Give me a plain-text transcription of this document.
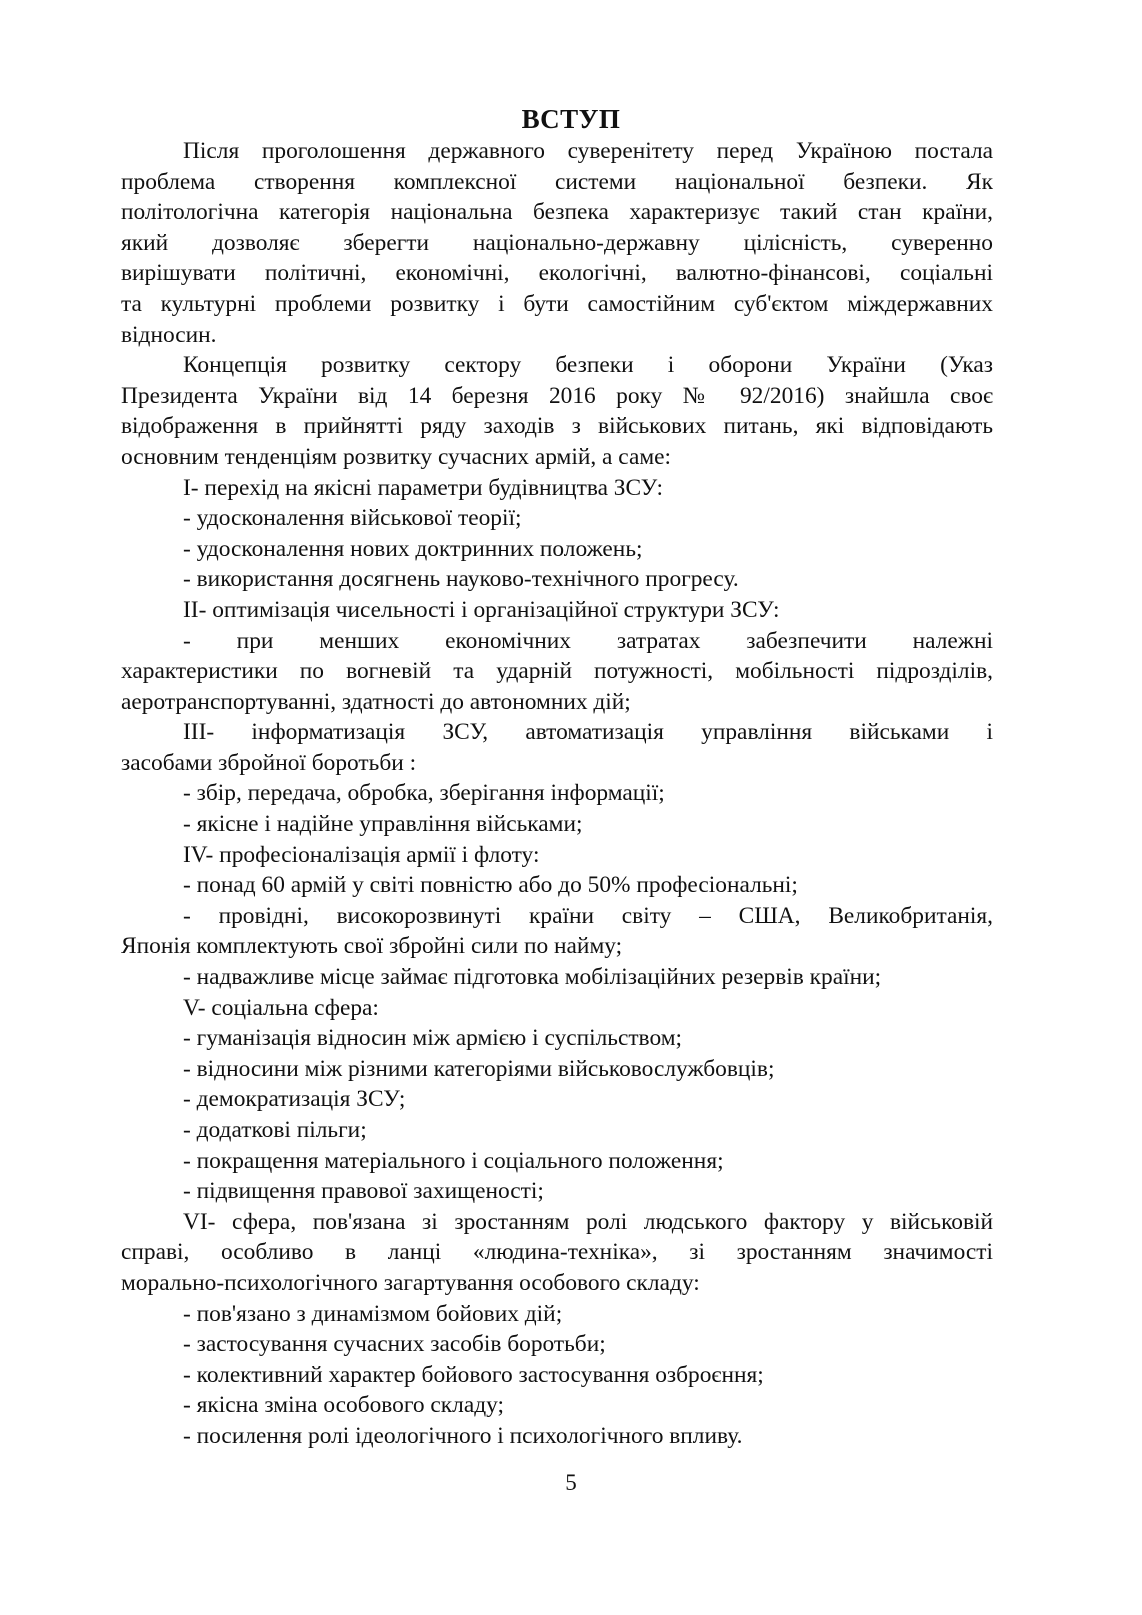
ВСТУП
Після проголошення державного суверенітету перед Україною постала
проблема створення комплексної системи національної безпеки. Як
політологічна категорія національна безпека характеризує такий стан країни,
який дозволяє зберегти національно-державну цілісність, суверенно
вирішувати політичні, економічні, екологічні, валютно-фінансові, соціальні
та культурні проблеми розвитку і бути самостійним суб'єктом міждержавних
відносин.
Концепція розвитку сектору безпеки і оборони України (Указ
Президента України від 14 березня 2016 року № 92/2016) знайшла своє
відображення в прийнятті ряду заходів з військових питань, які відповідають
основним тенденціям розвитку сучасних армій, а саме:
І- перехід на якісні параметри будівництва ЗСУ:
- удосконалення військової теорії;
- удосконалення нових доктринних положень;
- використання досягнень науково-технічного прогресу.
ІІ- оптимізація чисельності і організаційної структури ЗСУ:
- при менших економічних затратах забезпечити належні
характеристики по вогневій та ударній потужності, мобільності підрозділів,
аеротранспортуванні, здатності до автономних дій;
ІІІ- інформатизація ЗСУ, автоматизація управління військами і
засобами збройної боротьби :
- збір, передача, обробка, зберігання інформації;
- якісне і надійне управління військами;
IV- професіоналізація армії і флоту:
- понад 60 армій у світі повністю або до 50% професіональні;
- провідні, високорозвинуті країни світу – США, Великобританія,
Японія комплектують свої збройні сили по найму;
- надважливе місце займає підготовка мобілізаційних резервів країни;
V- соціальна сфера:
- гуманізація відносин між армією і суспільством;
- відносини між різними категоріями військовослужбовців;
- демократизація ЗСУ;
- додаткові пільги;
- покращення матеріального і соціального положення;
- підвищення правової захищеності;
VI- сфера, пов'язана зі зростанням ролі людського фактору у військовій
справі, особливо в ланці «людина-техніка», зі зростанням значимості
морально-психологічного загартування особового складу:
- пов'язано з динамізмом бойових дій;
- застосування сучасних засобів боротьби;
- колективний характер бойового застосування озброєння;
- якісна зміна особового складу;
- посилення ролі ідеологічного і психологічного впливу.
5
